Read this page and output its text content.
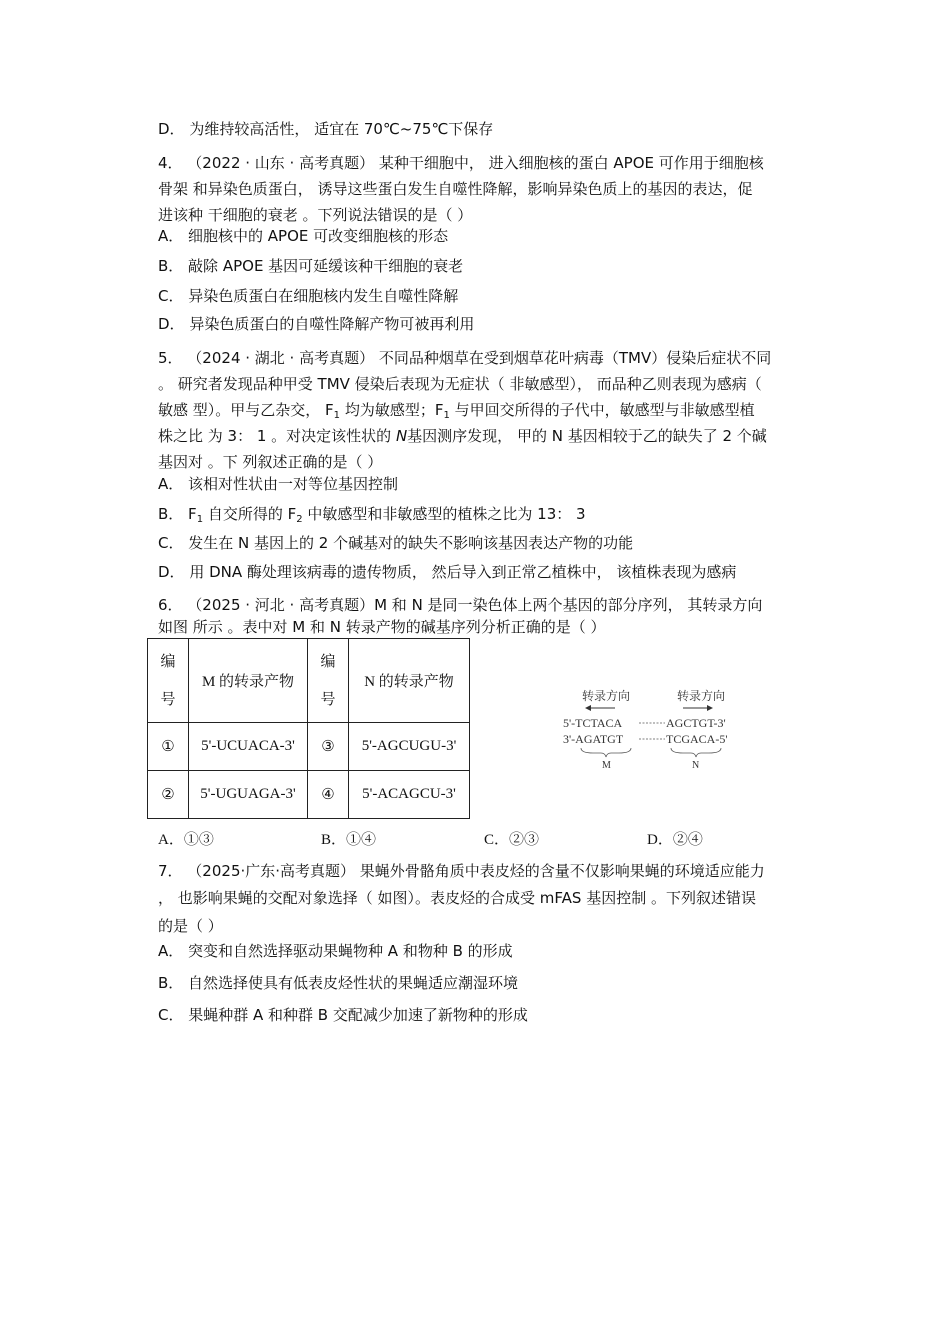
D． 为维持较高活性， 适宜在 70℃~75℃下保存
4． （2022 · 山东 · 高考真题） 某种干细胞中， 进入细胞核的蛋白 APOE 可作用于细胞核
骨架 和异染色质蛋白， 诱导这些蛋白发生自噬性降解，影响异染色质上的基因的表达，促
进该种 干细胞的衰老 。下列说法错误的是（ ）
A． 细胞核中的 APOE 可改变细胞核的形态
B． 敲除 APOE 基因可延缓该种干细胞的衰老
C． 异染色质蛋白在细胞核内发生自噬性降解
D． 异染色质蛋白的自噬性降解产物可被再利用
5． （2024 · 湖北 · 高考真题） 不同品种烟草在受到烟草花叶病毒（TMV）侵染后症状不同
。 研究者发现品种甲受 TMV 侵染后表现为无症状（ 非敏感型）， 而品种乙则表现为感病（
敏感 型）。甲与乙杂交， $F_1$ 均为敏感型；$F_1$ 与甲回交所得的子代中，敏感型与非敏感型植
株之比 为 3： 1 。对决定该性状的 N基因测序发现， 甲的 N 基因相较于乙的缺失了 2 个碱
基因对 。下 列叙述正确的是（ ）
A． 该相对性状由一对等位基因控制
B． $F_1$ 自交所得的 $F_2$ 中敏感型和非敏感型的植株之比为 13： 3
C． 发生在 N 基因上的 2 个碱基对的缺失不影响该基因表达产物的功能
D． 用 DNA 酶处理该病毒的遗传物质， 然后导入到正常乙植株中， 该植株表现为感病
6． （2025 · 河北 · 高考真题）M 和 N 是同一染色体上两个基因的部分序列， 其转录方向
如图 所示 。表中对 M 和 N 转录产物的碱基序列分析正确的是（ ）
编
号	M 的转录产物	编
号	N 的转录产物
①	5'-UCUACA-3'	③	5'-AGCUGU-3'
②	5'-UGUAGA-3'	④	5'-ACAGCU-3'
转录方向	转录方向
5'-TCTACA
3'-AGATGT
AGCTGT-3'
TCGACA-5'
M	N
A．①③	B．①④	C．②③	D．②④
7． （2025·广东·高考真题） 果蝇外骨骼角质中表皮烃的含量不仅影响果蝇的环境适应能力
， 也影响果蝇的交配对象选择（ 如图）。表皮烃的合成受 mFAS 基因控制 。下列叙述错误
的是（ ）
A． 突变和自然选择驱动果蝇物种 A 和物种 B 的形成
B． 自然选择使具有低表皮烃性状的果蝇适应潮湿环境
C． 果蝇种群 A 和种群 B 交配减少加速了新物种的形成
